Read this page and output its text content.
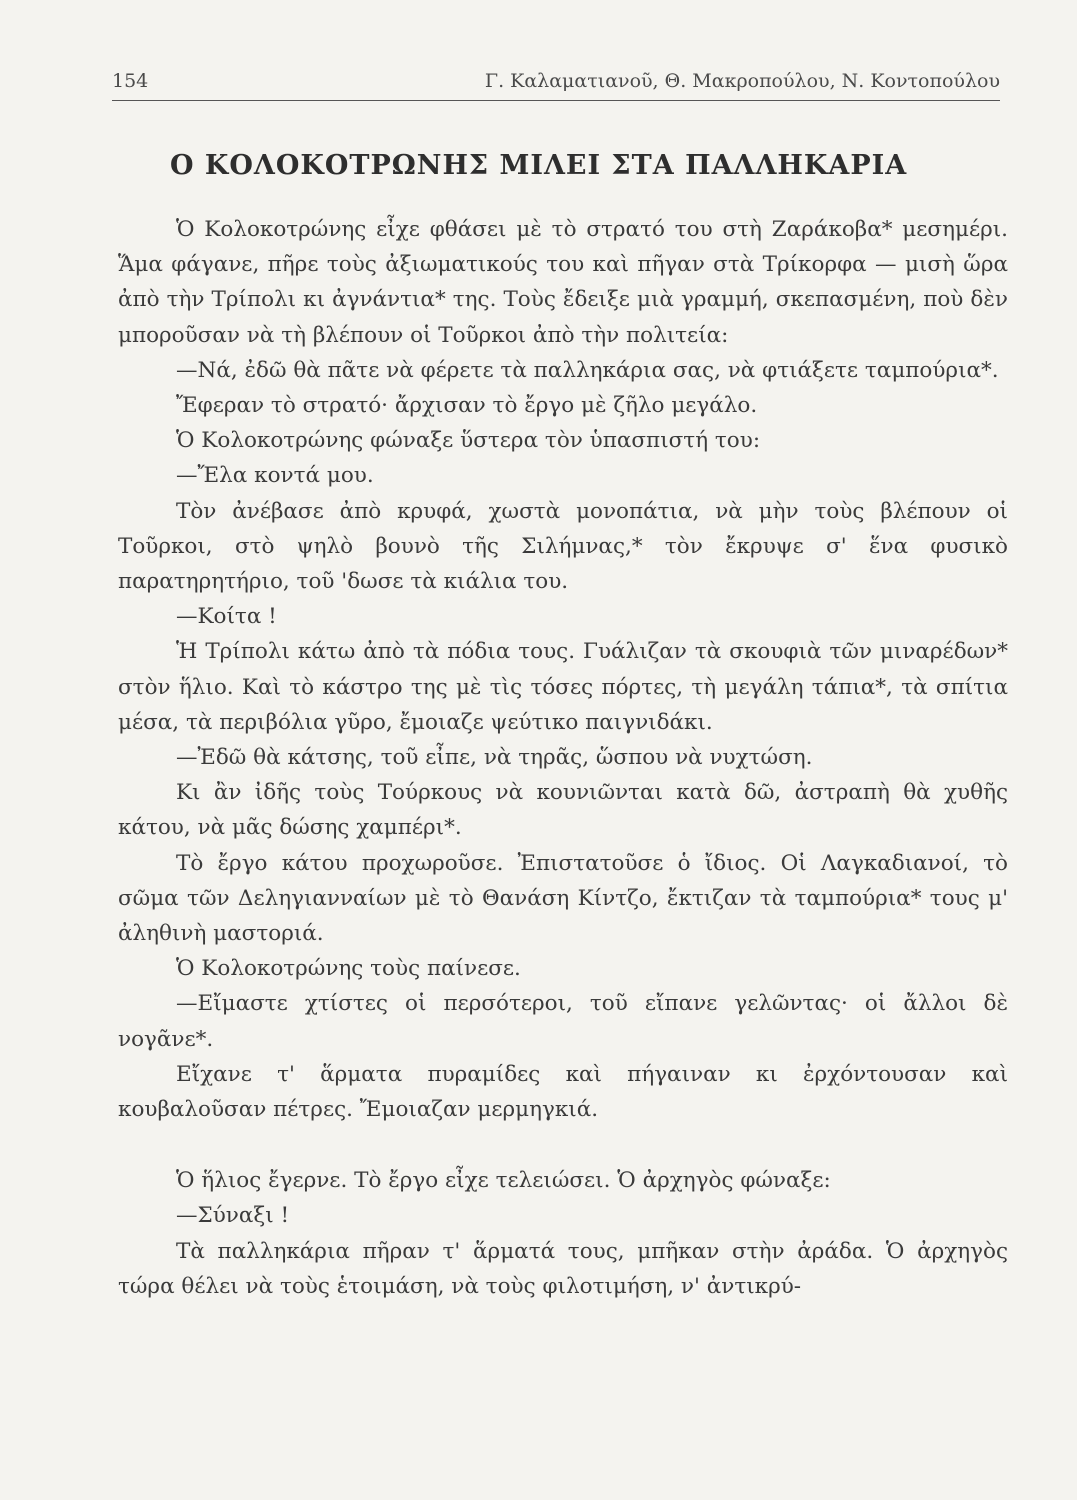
154	Γ. Καλαματιανοῦ, Θ. Μακροπούλου, Ν. Κοντοπούλου
Ο ΚΟΛΟΚΟΤΡΩΝΗΣ ΜΙΛΕΙ ΣΤΑ ΠΑΛΛΗΚΑΡΙΑ

Ὁ Κολοκοτρώνης εἶχε φθάσει μὲ τὸ στρατό του στὴ Ζαράκοβα* μεσημέρι. Ἅμα φάγανε, πῆρε τοὺς ἀξιωματικούς του καὶ πῆγαν στὰ Τρίκορφα — μισὴ ὥρα ἀπὸ τὴν Τρίπολι κι ἀγνάντια* της. Τοὺς ἔδειξε μιὰ γραμμή, σκεπασμένη, ποὺ δὲν μποροῦσαν νὰ τὴ βλέπουν οἱ Τοῦρκοι ἀπὸ τὴν πολιτεία:

—Νά, ἐδῶ θὰ πᾶτε νὰ φέρετε τὰ παλληκάρια σας, νὰ φτιάξετε ταμπούρια*.

Ἔφεραν τὸ στρατό· ἄρχισαν τὸ ἔργο μὲ ζῆλο μεγάλο.

Ὁ Κολοκοτρώνης φώναξε ὕστερα τὸν ὑπασπιστή του:

—Ἔλα κοντά μου.

Τὸν ἀνέβασε ἀπὸ κρυφά, χωστὰ μονοπάτια, νὰ μὴν τοὺς βλέπουν οἱ Τοῦρκοι, στὸ ψηλὸ βουνὸ τῆς Σιλήμνας,* τὸν ἔκρυψε σ' ἕνα φυσικὸ παρατηρητήριο, τοῦ 'δωσε τὰ κιάλια του.

—Κοίτα !

Ἡ Τρίπολι κάτω ἀπὸ τὰ πόδια τους. Γυάλιζαν τὰ σκουφιὰ τῶν μιναρέδων* στὸν ἥλιο. Καὶ τὸ κάστρο της μὲ τὶς τόσες πόρτες, τὴ μεγάλη τάπια*, τὰ σπίτια μέσα, τὰ περιβόλια γῦρο, ἔμοιαζε ψεύτικο παιγνιδάκι.

—Ἐδῶ θὰ κάτσης, τοῦ εἶπε, νὰ τηρᾶς, ὥσπου νὰ νυχτώση.

Κι ἂν ἰδῆς τοὺς Τούρκους νὰ κουνιῶνται κατὰ δῶ, ἀστραπὴ θὰ χυθῆς κάτου, νὰ μᾶς δώσης χαμπέρι*.

Τὸ ἔργο κάτου προχωροῦσε. Ἐπιστατοῦσε ὁ ἴδιος. Οἱ Λαγκαδιανοί, τὸ σῶμα τῶν Δεληγιανναίων μὲ τὸ Θανάση Κίντζο, ἔκτιζαν τὰ ταμπούρια* τους μ' ἀληθινὴ μαστοριά.

Ὁ Κολοκοτρώνης τοὺς παίνεσε.

—Εἴμαστε χτίστες οἱ περσότεροι, τοῦ εἴπανε γελῶντας· οἱ ἄλλοι δὲ νογᾶνε*.

Εἴχανε τ' ἅρματα πυραμίδες καὶ πήγαιναν κι ἐρχόντουσαν καὶ κουβαλοῦσαν πέτρες. Ἔμοιαζαν μερμηγκιά.

Ὁ ἥλιος ἔγερνε. Τὸ ἔργο εἶχε τελειώσει. Ὁ ἀρχηγὸς φώναξε:

—Σύναξι !

Τὰ παλληκάρια πῆραν τ' ἅρματά τους, μπῆκαν στὴν ἀράδα. Ὁ ἀρχηγὸς τώρα θέλει νὰ τοὺς ἑτοιμάση, νὰ τοὺς φιλοτιμήση, ν' ἀντικρύ-
